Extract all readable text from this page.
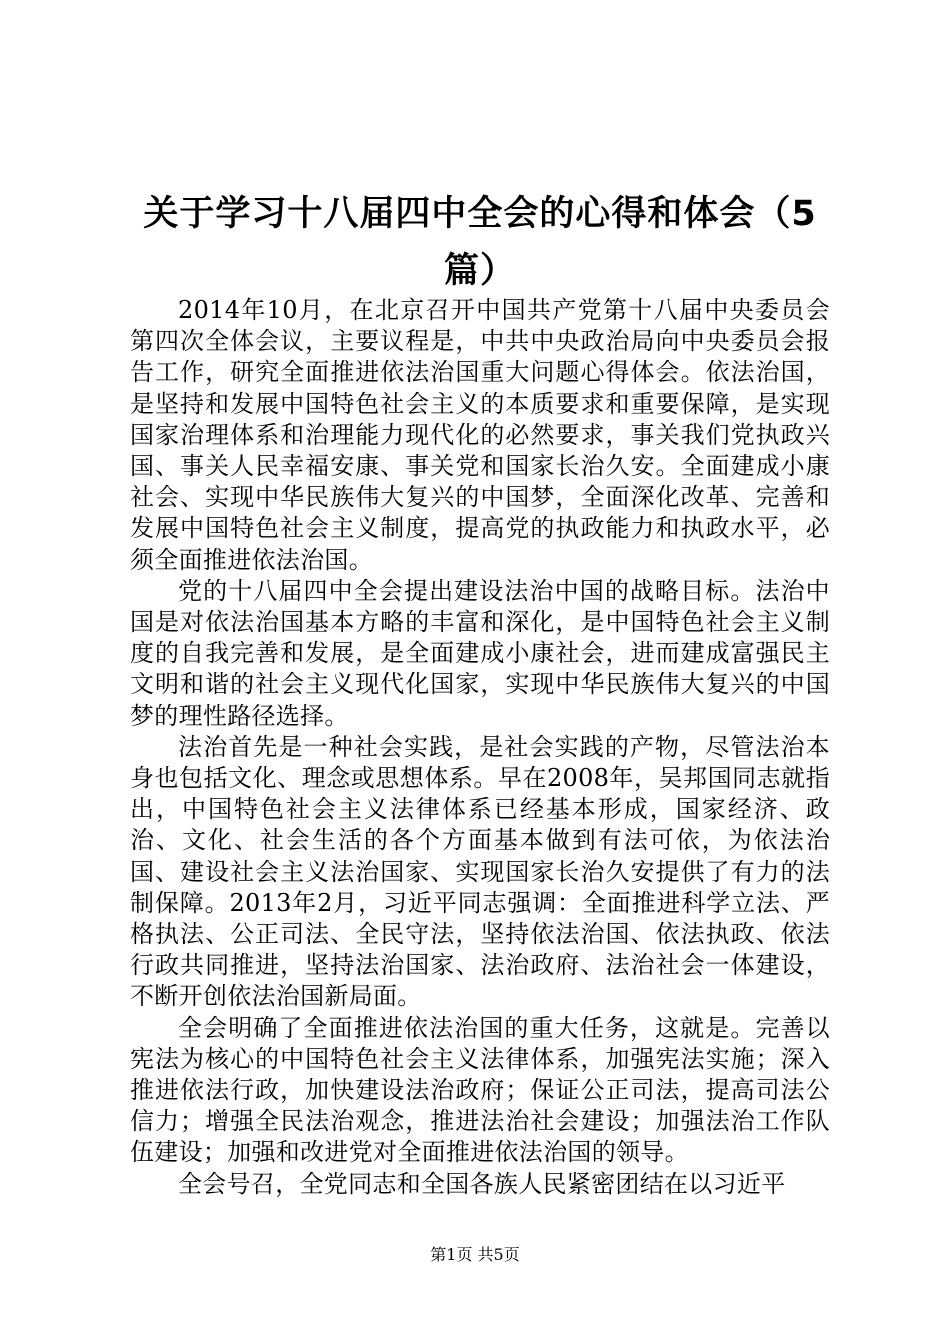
关于学习十八届四中全会的心得和体会（5篇）

2014年10月，在北京召开中国共产党第十八届中央委员会第四次全体会议，主要议程是，中共中央政治局向中央委员会报告工作，研究全面推进依法治国重大问题心得体会。依法治国，是坚持和发展中国特色社会主义的本质要求和重要保障，是实现国家治理体系和治理能力现代化的必然要求，事关我们党执政兴国、事关人民幸福安康、事关党和国家长治久安。全面建成小康社会、实现中华民族伟大复兴的中国梦，全面深化改革、完善和发展中国特色社会主义制度，提高党的执政能力和执政水平，必须全面推进依法治国。

党的十八届四中全会提出建设法治中国的战略目标。法治中国是对依法治国基本方略的丰富和深化，是中国特色社会主义制度的自我完善和发展，是全面建成小康社会，进而建成富强民主文明和谐的社会主义现代化国家，实现中华民族伟大复兴的中国梦的理性路径选择。

法治首先是一种社会实践，是社会实践的产物，尽管法治本身也包括文化、理念或思想体系。早在2008年，吴邦国同志就指出，中国特色社会主义法律体系已经基本形成，国家经济、政治、文化、社会生活的各个方面基本做到有法可依，为依法治国、建设社会主义法治国家、实现国家长治久安提供了有力的法制保障。2013年2月，习近平同志强调：全面推进科学立法、严格执法、公正司法、全民守法，坚持依法治国、依法执政、依法行政共同推进，坚持法治国家、法治政府、法治社会一体建设，不断开创依法治国新局面。

全会明确了全面推进依法治国的重大任务，这就是。完善以宪法为核心的中国特色社会主义法律体系，加强宪法实施；深入推进依法行政，加快建设法治政府；保证公正司法，提高司法公信力；增强全民法治观念，推进法治社会建设；加强法治工作队伍建设；加强和改进党对全面推进依法治国的领导。

全会号召，全党同志和全国各族人民紧密团结在以习近平

第1页 共5页
